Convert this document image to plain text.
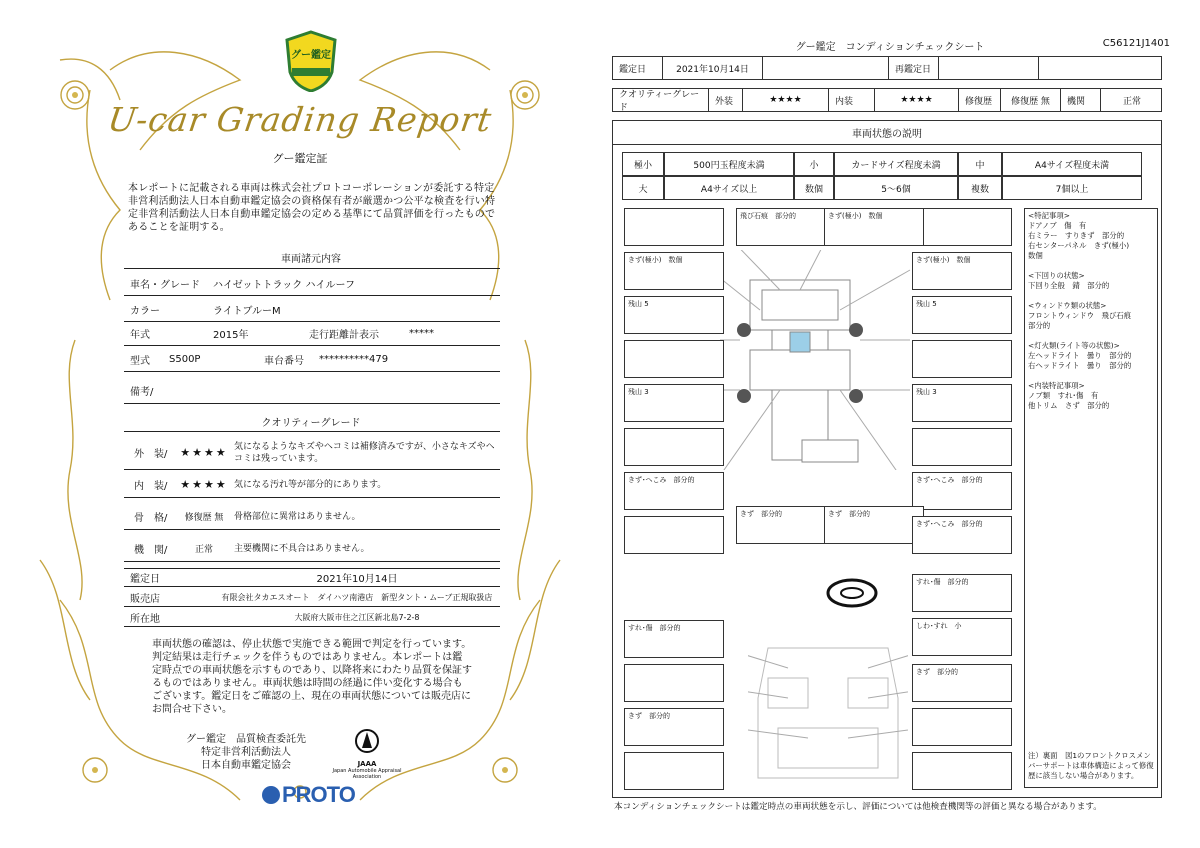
グー鑑定
U-car Grading Report
グー鑑定証
本レポートに記載される車両は株式会社プロトコーポレーションが委託する特定非営利活動法人日本自動車鑑定協会の資格保有者が厳選かつ公平な検査を行い特定非営利活動法人日本自動車鑑定協会の定める基準にて品質評価を行ったものであることを証明する。
車両諸元内容
車名・グレード	ハイゼットトラック ハイルーフ
カラー	ライトブルーM
年式	2015年	走行距離計表示	*****
型式	S500P	車台番号	**********479
備考/
クオリティーグレード
外　装/	★★★★ 気になるようなキズやヘコミは補修済みですが、小さなキズやヘコミは残っています。
内　装/	★★★★ 気になる汚れ等が部分的にあります。
骨　格/	修復歴 無	骨格部位に異常はありません。
機　関/	正常	主要機関に不具合はありません。
鑑定日	2021年10月14日
販売店	有限会社タカエスオート　ダイハツ南港店　新型タント・ムーブ正規取扱店
所在地	大阪府大阪市住之江区新北島7-2-8
車両状態の確認は、停止状態で実施できる範囲で判定を行っています。判定結果は走行チェックを伴うものではありません。本レポートは鑑定時点での車両状態を示すものであり、以降将来にわたり品質を保証するものではありません。車両状態は時間の経過に伴い変化する場合もございます。鑑定日をご確認の上、現在の車両状態については販売店にお問合せ下さい。
グー鑑定　品質検査委託先
特定非営利活動法人
日本自動車鑑定協会	JAAA
Japan Automobile Appraisal Association
PROTO
グー鑑定　コンディションチェックシート	C56121J1401
鑑定日	2021年10月14日	再鑑定日
クオリティーグレード
外装	★★★★	内装	★★★★	修復歴	修復歴 無	機関	正常
車両状態の説明
極小	500円玉程度未満	小	カードサイズ程度未満	中	A4サイズ程度未満
大	A4サイズ以上	数個	5～6個	複数	7個以上
飛び石痕　部分的	きず(極小)　数個
きず(極小)　数個	きず(極小)　数個
残山 5	残山 5
残山 3	残山 3
きず･へこみ　部分的	きず･へこみ　部分的
きず　部分的	きず　部分的
きず･へこみ　部分的
すれ･傷　部分的
すれ･傷　部分的
しわ･すれ　小
きず　部分的
きず　部分的
<特記事項>
ドアノブ　傷　有
右ミラー　すりきず　部分的
右センターパネル　きず(極小)
数個
<下回りの状態>
下回り全般　錆　部分的
<ウィンドウ類の状態>
フロントウィンドウ　飛び石痕
部分的
<灯火類(ライト等の状態)>
左ヘッドライト　曇り　部分的
右ヘッドライト　曇り　部分的
<内装特記事項>
ノブ類　すれ･傷　有
他トリム　さず　部分的
注）裏面　図1のフロントクロスメンバーサポートは車体構造によって修復歴に該当しない場合があります。
本コンディションチェックシートは鑑定時点の車両状態を示し、評価については他検査機関等の評価と異なる場合があります。
